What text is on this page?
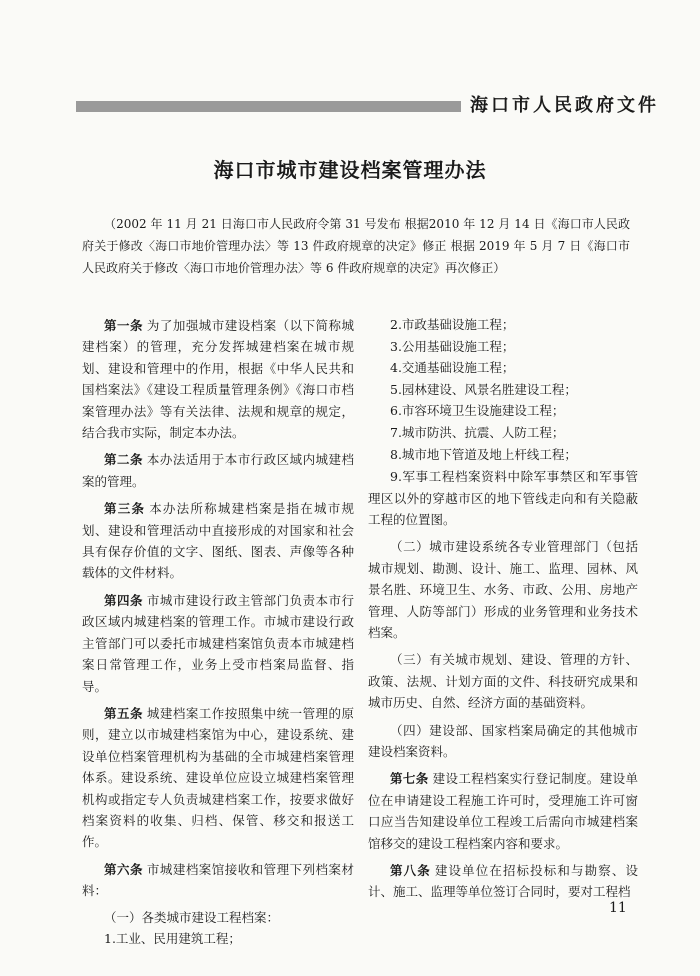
海口市人民政府文件
海口市城市建设档案管理办法
（2002 年 11 月 21 日海口市人民政府令第 31 号发布 根据2010 年 12 月 14 日《海口市人民政府关于修改〈海口市地价管理办法〉等 13 件政府规章的决定》修正 根据 2019 年 5 月 7 日《海口市人民政府关于修改〈海口市地价管理办法〉等 6 件政府规章的决定》再次修正）

第一条 为了加强城市建设档案（以下简称城建档案）的管理，充分发挥城建档案在城市规划、建设和管理中的作用，根据《中华人民共和国档案法》《建设工程质量管理条例》《海口市档案管理办法》等有关法律、法规和规章的规定，结合我市实际，制定本办法。

第二条 本办法适用于本市行政区域内城建档案的管理。

第三条 本办法所称城建档案是指在城市规划、建设和管理活动中直接形成的对国家和社会具有保存价值的文字、图纸、图表、声像等各种载体的文件材料。

第四条 市城市建设行政主管部门负责本市行政区域内城建档案的管理工作。市城市建设行政主管部门可以委托市城建档案馆负责本市城建档案日常管理工作，业务上受市档案局监督、指导。

第五条 城建档案工作按照集中统一管理的原则，建立以市城建档案馆为中心，建设系统、建设单位档案管理机构为基础的全市城建档案管理体系。建设系统、建设单位应设立城建档案管理机构或指定专人负责城建档案工作，按要求做好档案资料的收集、归档、保管、移交和报送工作。

第六条 市城建档案馆接收和管理下列档案材料：

（一）各类城市建设工程档案：

1.工业、民用建筑工程；

2.市政基础设施工程；

3.公用基础设施工程；

4.交通基础设施工程；

5.园林建设、风景名胜建设工程；

6.市容环境卫生设施建设工程；

7.城市防洪、抗震、人防工程；

8.城市地下管道及地上杆线工程；

9.军事工程档案资料中除军事禁区和军事管理区以外的穿越市区的地下管线走向和有关隐蔽工程的位置图。

（二）城市建设系统各专业管理部门（包括城市规划、勘测、设计、施工、监理、园林、风景名胜、环境卫生、水务、市政、公用、房地产管理、人防等部门）形成的业务管理和业务技术档案。

（三）有关城市规划、建设、管理的方针、政策、法规、计划方面的文件、科技研究成果和城市历史、自然、经济方面的基础资料。

（四）建设部、国家档案局确定的其他城市建设档案资料。

第七条 建设工程档案实行登记制度。建设单位在申请建设工程施工许可时，受理施工许可窗口应当告知建设单位工程竣工后需向市城建档案馆移交的建设工程档案内容和要求。

第八条 建设单位在招标投标和与勘察、设计、施工、监理等单位签订合同时，要对工程档

11
